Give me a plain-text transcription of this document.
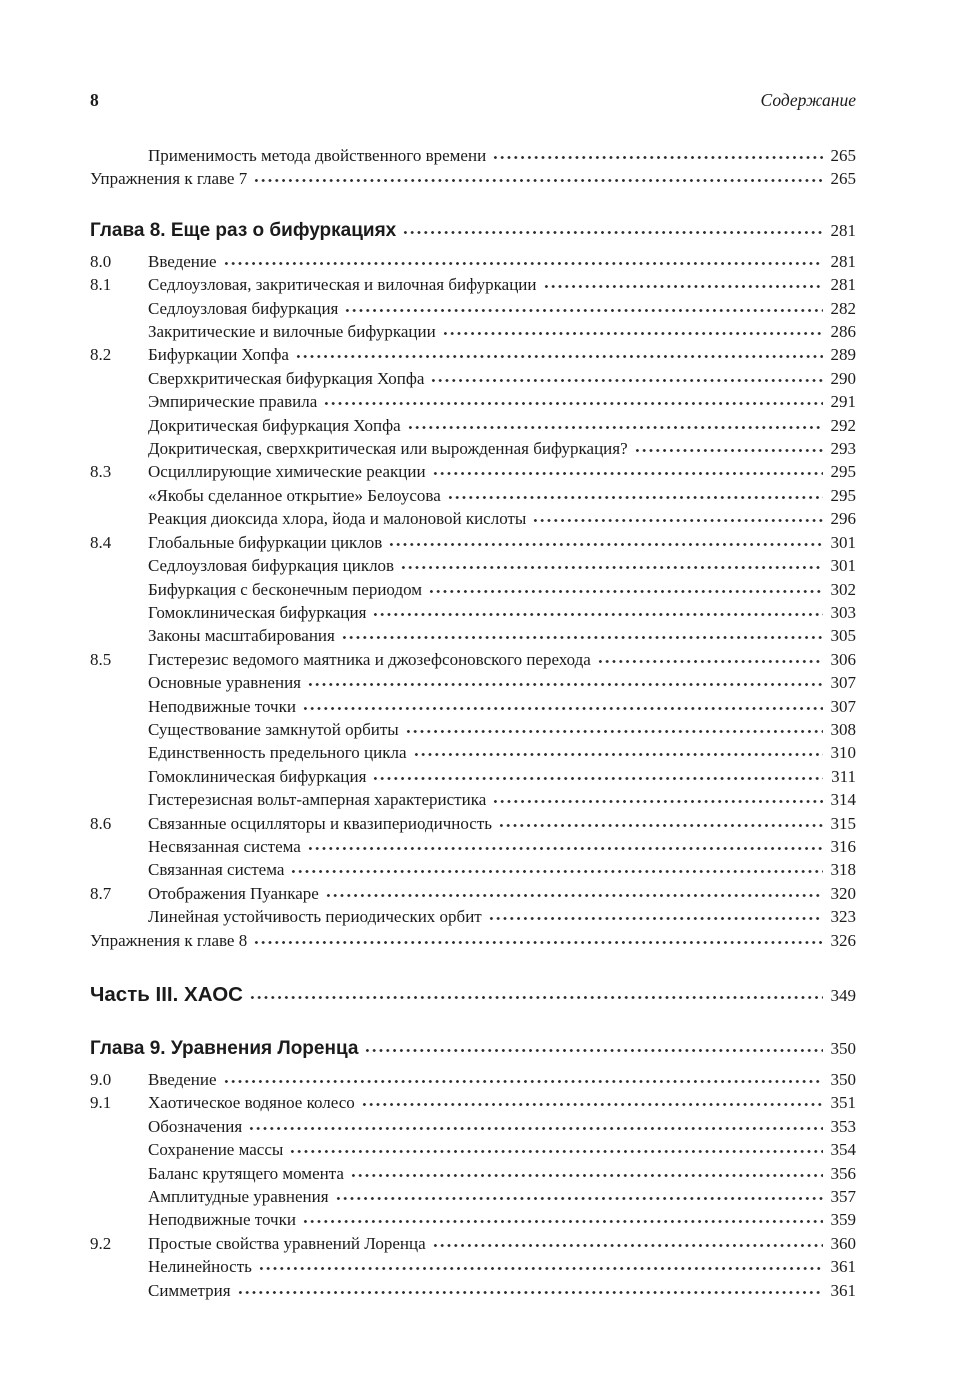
8	Содержание
Применимость метода двойственного времени	265
Упражнения к главе 7	265
Глава 8. Еще раз о бифуркациях	281
8.0	Введение	281
8.1	Седлоузловая, закритическая и вилочная бифуркации	281
Седлоузловая бифуркация	282
Закритические и вилочные бифуркации	286
8.2	Бифуркации Хопфа	289
Сверхкритическая бифуркация Хопфа	290
Эмпирические правила	291
Докритическая бифуркация Хопфа	292
Докритическая, сверхкритическая или вырожденная бифуркация?	293
8.3	Осциллирующие химические реакции	295
«Якобы сделанное открытие» Белоусова	295
Реакция диоксида хлора, йода и малоновой кислоты	296
8.4	Глобальные бифуркации циклов	301
Седлоузловая бифуркация циклов	301
Бифуркация с бесконечным периодом	302
Гомоклиническая бифуркация	303
Законы масштабирования	305
8.5	Гистерезис ведомого маятника и джозефсоновского перехода	306
Основные уравнения	307
Неподвижные точки	307
Существование замкнутой орбиты	308
Единственность предельного цикла	310
Гомоклиническая бифуркация	311
Гистерезисная вольт-амперная характеристика	314
8.6	Связанные осцилляторы и квазипериодичность	315
Несвязанная система	316
Связанная система	318
8.7	Отображения Пуанкаре	320
Линейная устойчивость периодических орбит	323
Упражнения к главе 8	326
Часть III. ХАОС	349
Глава 9. Уравнения Лоренца	350
9.0	Введение	350
9.1	Хаотическое водяное колесо	351
Обозначения	353
Сохранение массы	354
Баланс крутящего момента	356
Амплитудные уравнения	357
Неподвижные точки	359
9.2	Простые свойства уравнений Лоренца	360
Нелинейность	361
Симметрия	361
